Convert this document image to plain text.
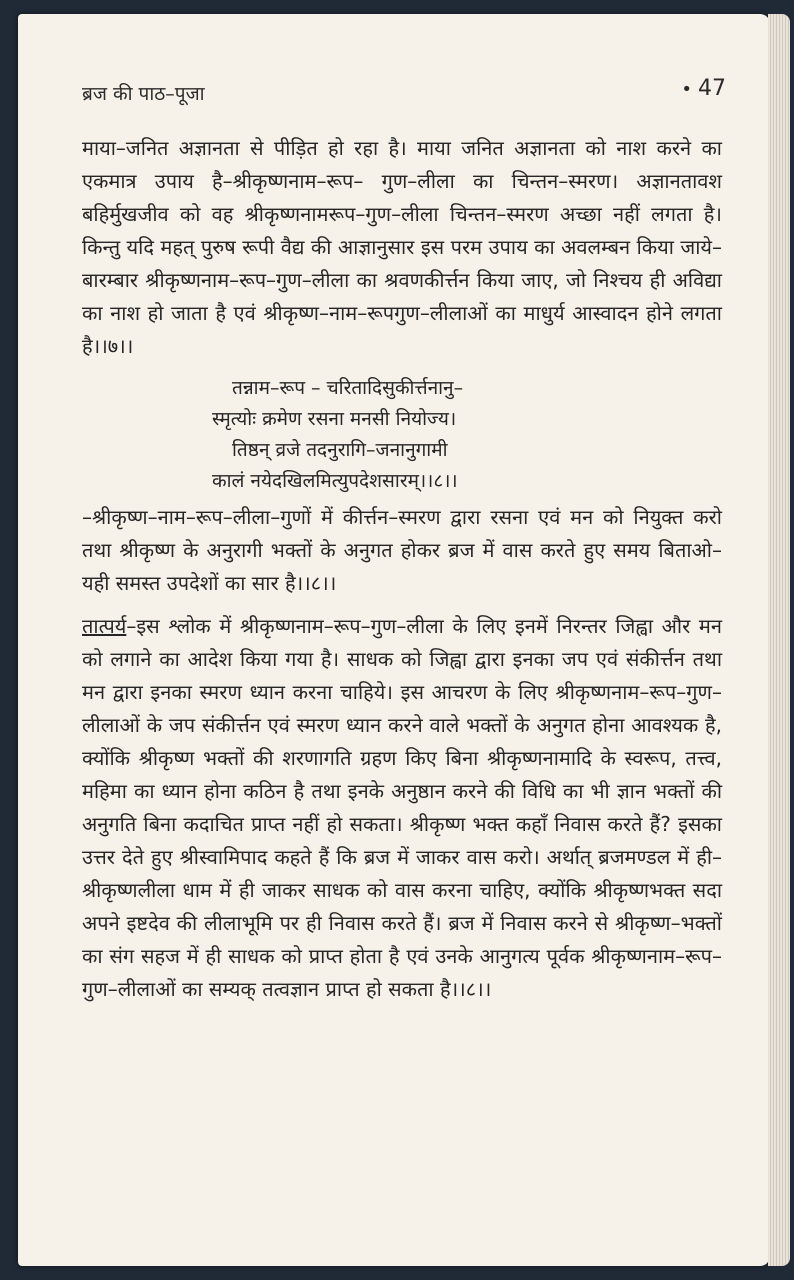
ब्रज की पाठ–पूजा	• 47

माया–जनित अज्ञानता से पीड़ित हो रहा है। माया जनित अज्ञानता को नाश करने का एकमात्र उपाय है–श्रीकृष्णनाम–रूप– गुण–लीला का चिन्तन–स्मरण। अज्ञानतावश बहिर्मुखजीव को वह श्रीकृष्णनामरूप–गुण–लीला चिन्तन–स्मरण अच्छा नहीं लगता है। किन्तु यदि महत् पुरुष रूपी वैद्य की आज्ञानुसार इस परम उपाय का अवलम्बन किया जाये–बारम्बार श्रीकृष्णनाम–रूप–गुण–लीला का श्रवणकीर्त्तन किया जाए, जो निश्चय ही अविद्या का नाश हो जाता है एवं श्रीकृष्ण–नाम–रूपगुण–लीलाओं का माधुर्य आस्वादन होने लगता है।।७।।

तन्नाम–रूप – चरितादिसुकीर्त्तनानु–
स्मृत्योः क्रमेण रसना मनसी नियोज्य।
तिष्ठन् व्रजे तदनुरागि–जनानुगामी
कालं नयेदखिलमित्युपदेशसारम्।।८।।

–श्रीकृष्ण–नाम–रूप–लीला–गुणों में कीर्त्तन–स्मरण द्वारा रसना एवं मन को नियुक्त करो तथा श्रीकृष्ण के अनुरागी भक्तों के अनुगत होकर ब्रज में वास करते हुए समय बिताओ–यही समस्त उपदेशों का सार है।।८।।

तात्पर्य–इस श्लोक में श्रीकृष्णनाम–रूप–गुण–लीला के लिए इनमें निरन्तर जिह्वा और मन को लगाने का आदेश किया गया है। साधक को जिह्वा द्वारा इनका जप एवं संकीर्त्तन तथा मन द्वारा इनका स्मरण ध्यान करना चाहिये। इस आचरण के लिए श्रीकृष्णनाम–रूप–गुण–लीलाओं के जप संकीर्त्तन एवं स्मरण ध्यान करने वाले भक्तों के अनुगत होना आवश्यक है, क्योंकि श्रीकृष्ण भक्तों की शरणागति ग्रहण किए बिना श्रीकृष्णनामादि के स्वरूप, तत्त्व, महिमा का ध्यान होना कठिन है तथा इनके अनुष्ठान करने की विधि का भी ज्ञान भक्तों की अनुगति बिना कदाचित प्राप्त नहीं हो सकता। श्रीकृष्ण भक्त कहाँ निवास करते हैं? इसका उत्तर देते हुए श्रीस्वामिपाद कहते हैं कि ब्रज में जाकर वास करो। अर्थात् ब्रजमण्डल में ही–श्रीकृष्णलीला धाम में ही जाकर साधक को वास करना चाहिए, क्योंकि श्रीकृष्णभक्त सदा अपने इष्टदेव की लीलाभूमि पर ही निवास करते हैं। ब्रज में निवास करने से श्रीकृष्ण–भक्तों का संग सहज में ही साधक को प्राप्त होता है एवं उनके आनुगत्य पूर्वक श्रीकृष्णनाम–रूप–गुण–लीलाओं का सम्यक् तत्वज्ञान प्राप्त हो सकता है।।८।।
